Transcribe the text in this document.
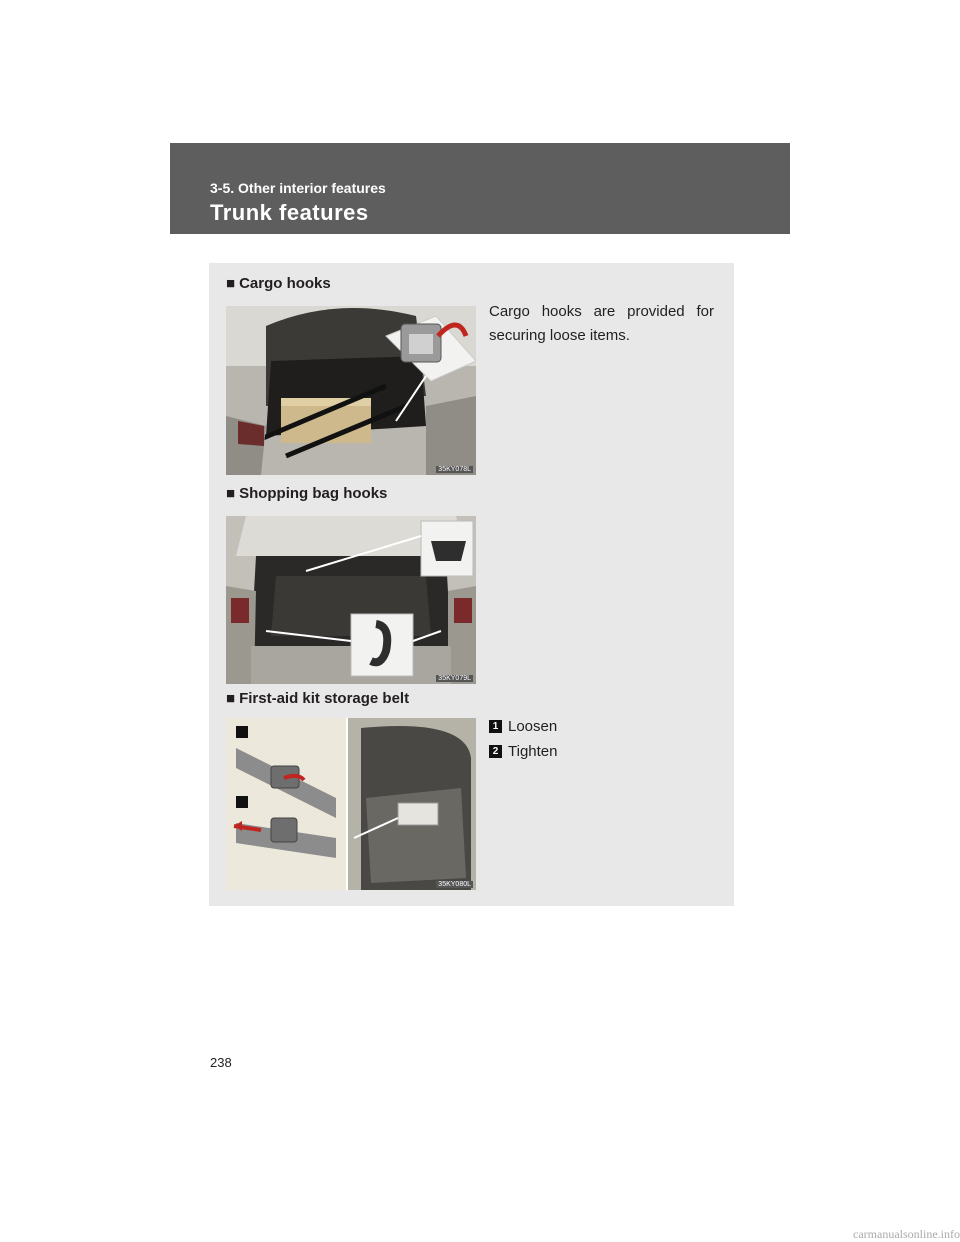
3-5. Other interior features
Trunk features
■ Cargo hooks
Cargo hooks are provided for securing loose items.
35KY078L
■ Shopping bag hooks
35KY079L
■ First-aid kit storage belt
1 Loosen
2 Tighten
35KY080L
238
carmanualsonline.info
